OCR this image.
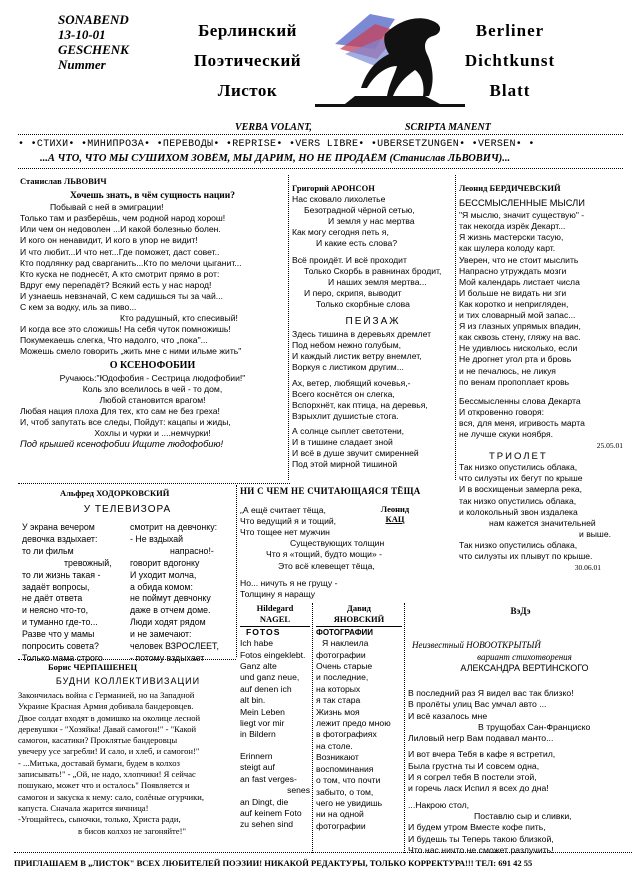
SONABEND
13-10-01
GESCHENK
Nummer
Берлинский
Поэтический
Листок
Berliner
Dichtkunst
Blatt
VERBA VOLANT,	SCRIPTA MANENT
• •СТИХИ• •МИНИПРОЗА• •ПЕРЕВОДЫ• •REPRISE• •VERS LIBRE• •ÜBERSETZUNGEN• •VERSEN• •
...А ЧТО, ЧТО МЫ СУШИХОМ ЗОВЁМ, МЫ ДАРИМ, НО НЕ ПРОДАЁМ (Станислав ЛЬВОВИЧ)...
Станислав ЛЬВОВИЧ
Хочешь знать, в чём сущность нации?
Побывай с ней в эмиграции!
Только там и разберёшь, чем родной народ хорош!
Или чем он недоволен ...И какой болезнью болен.
И кого он ненавидит, И кого в упор не видит!
И что любит...И что нет...Где поможет, даст совет..
Кто подлянку рад сварганить...Кто по мелочи цыганит...
Кто куска не поднесёт, А кто смотрит прямо в рот:
Вдруг ему перепадёт? Всякий есть у нас народ!
И узнаешь невзначай, С кем садишься ты за чай...
С кем за водку, иль за пиво...
Кто радушный, кто спесивый!
И когда все это сложишь! На себя чуток помножишь!
Покумекаешь слегка, Что надолго, что „пока"...
Можешь смело говорить „жить мне с ними ильме жить"
О КСЕНОФОБИИ
Ручаюсь:"Юдофобия - Сестрица людофобии!"
Коль зло вселилось в чей - то дом,
Любой становится врагом!
Любая нация плоха Для тех, кто сам не без греха!
И, чтоб запутать все следы, Пойдут: кацапы и жиды,
Хохлы и чурки и ....немчурки!
Под крышей ксенофобии Ищите людофобию!
Григорий АРОНСОН
Нас сковало лихолетье
Безотрадной чёрной сетью,
И земля у нас мертва
Как могу сегодня петь я,
И какие есть слова?
Всё проидёт. И всё проходит
Только Скорбь в равнинах бродит,
И наших земля мертва...
И перо, скрипя, выводит
Только скорбные слова
ПЕЙЗАЖ
Здесь тишина в деревьях дремлет
Под небом нежно голубым,
И каждый листик ветру внемлет,
Воркуя с листиком другим...
Ах, ветер, любящий кочевья,-
Всего коснётся он слегка,
Вспорхнёт, как птица, на деревья,
Взрыхлит душистые стога.
А солнце сыплет светотени,
И в тишине сладает зной
И всё в душе звучит смиренней
Под этой мирной тишиной
Леонид БЕРДИЧЕВСКИЙ
БЕССМЫСЛЕННЫЕ МЫСЛИ
"Я мыслю, значит существую" -
так некогда изрёк Декарт...
Я жизнь мастерски тасую,
как шулера колоду карт.
Уверен, что не стоит мыслить
Напрасно утруждать мозги
Мой календарь листает числа
И больше не видать ни зги
Как коротко и непригляден,
и тих словарный мой запас...
Я из глазных упрямых впадин,
как сквозь стену, гляжу на вас.
Не удивлюсь нисколько, если
Не дрогнет угол рта и бровь
и не печалюсь, не ликуя
по венам пропоплает кровь
Бессмысленны слова Декарта
И откровенно говоря:
вся, для меня, игривость марта
не лучше скуки ноября.
25.05.01
ТРИОЛЕТ
Так низко опустились облака,
что силуэты их бегут по крыше
И в восхищеньи замерла река,
так низко опустились облака,
и колокольный звон издалека
нам кажется значительней
и выше.
Так низко опустились облака,
что силуэты их плывут по крыше.
30.06.01
Альфред ХОДОРКОВСКИЙ
У ТЕЛЕВИЗОРА
У экрана вечером
девочка вздыхает:
то ли фильм
тревожный,
то ли жизнь такая -
задаёт вопросы,
не даёт ответа
и неясно что-то,
и туманно где-то...
Разве что у мамы
попросить совета?
Только мама строго
смотрит на девчонку:
- Не вздыхай
напрасно!-
говорит вдогонку
И уходит молча,
а обида комом:
не поймут девчонку
даже в отчем доме.
Люди ходят рядом
и не замечают:
человек ВЗРОСЛЕЕТ,
- потому вздыхает
НИ С ЧЕМ НЕ СЧИТАЮЩАЯСЯ ТЁЩА
„А ещё считает тёща,
Что ведущий я и тощий,
Что тощее нет мужчин
Существующих толщин
Что я «тощий, будто мощи» -
Это всё клевещет тёща,
Но... ничуть я не грущу -
Толщину я наращу
Леонид
КАЦ
Hildegard
NAGEL
FOTOS
Ich habe
Fotos eingeklebt.
Ganz alte
und ganz neue,
auf denen ich
alt bin.
Mein Leben
liegt vor mir
in Bildern
Erinnern
steigt auf
an fast verges-
senes
an Dingt, die
auf keinem Foto
zu sehen sind
Давид
ЯНОВСКИЙ
ФОТОГРАФИИ
Я наклеила
фотографии
Очень старые
и последние,
на которых
я так стара
Жизнь моя
лежит предо мною
в фотографиях
на столе.
Возникают
воспоминания
о том, что почти
забыто, о том,
чего не увидишь
ни на одной
фотографии
Борис ЧЕРПАШЕНЕЦ
БУДНИ КОЛЛЕКТИВИЗАЦИИ
Закончилась война с Германией, но на Западной
Украине Красная Армия добивала бандеровцев.
Двое солдат входят в домишко на околице лесной
деревушки - "Хозяйка! Давай самогон!" - "Какой
самогон, касатики? Проклятые бандеровцы
увечеру усе загребли! И сало, и хлеб, и самогон!"
- ...Митька, доставай бумаги, будем в колхоз
записывать!" - „Ой, не надо, хлопчики! Я сейчас
пошукаю, может что и осталось" Появляется и
самогон и закуска к нему: сало, солёные огурчики,
капуста. Сначала жарится яичница!
-Угощайтесь, сыночки, только, Христа ради,
в бисов колхоз не загоняйте!"
ВэДэ
Неизвестный НОВООТКРЫТЫЙ
вариант стихотворения
АЛЕКСАНДРА ВЕРТИНСКОГО
В последний раз Я видел вас так близко!
В пролёты улиц Вас умчал авто ...
И всё казалось мне
В трущобах Сан-Франциско
Лиловый негр Вам подавал манто...
И вот вчера Тебя в кафе я встретил,
Была грустна ты И совсем одна,
И я согрел тебя В постели этой,
и горечь ласк Испил я всех до дна!
...Накрою стол,
Поставлю сыр и сливки,
И будем утром Вместе кофе пить,
И будешь ты Теперь такою близкой,
Что нас ничто не сможет разлучить!
ПРИГЛАШАЕМ В „ЛИСТОК" ВСЕХ ЛЮБИТЕЛЕЙ ПОЭЗИИ! НИКАКОЙ РЕДАКТУРЫ, ТОЛЬКО КОРРЕКТУРА!!! ТЕЛ: 691 42 55
